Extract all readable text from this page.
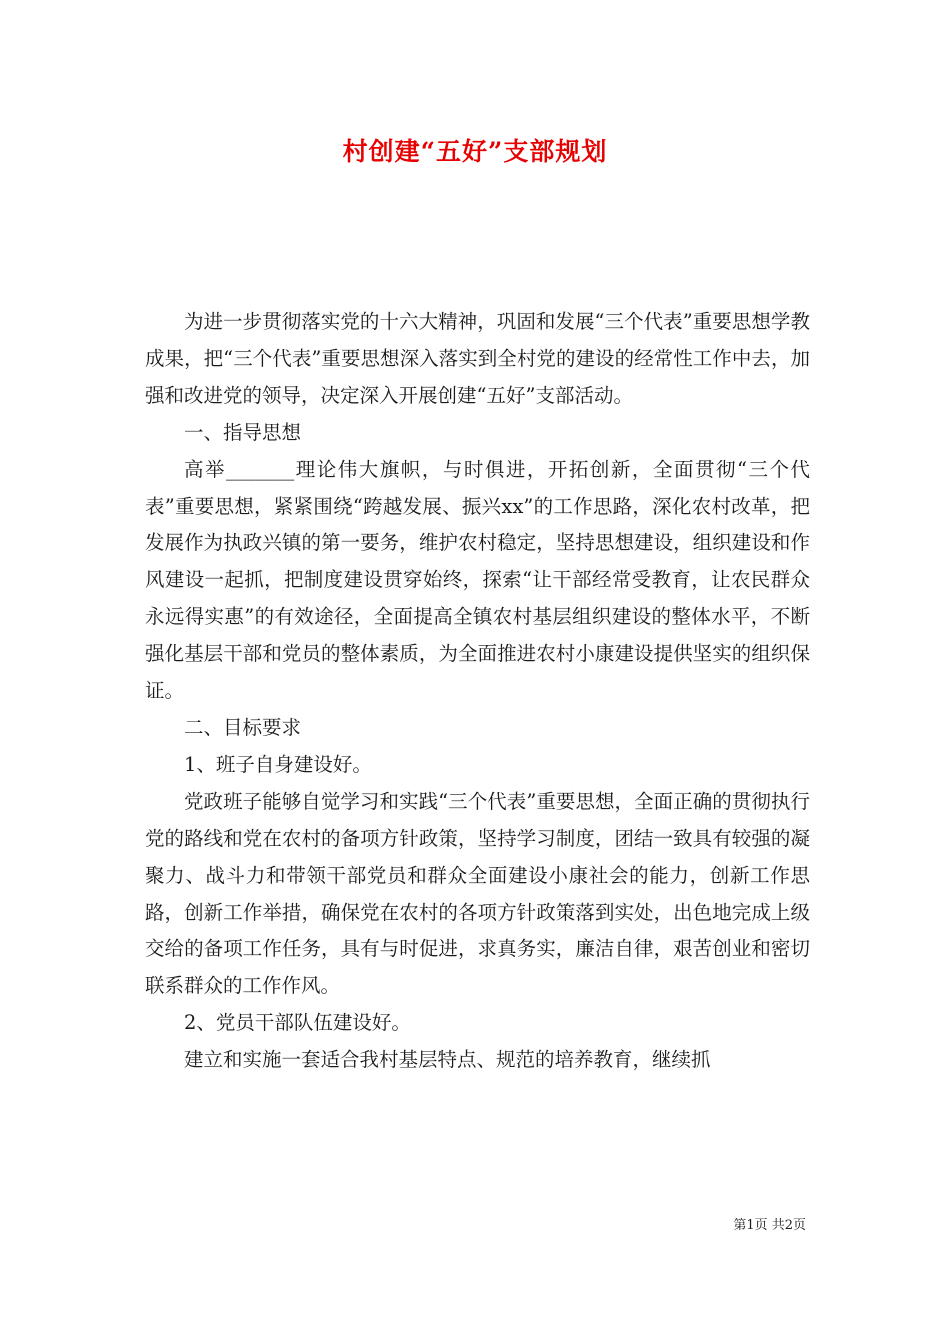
村创建“五好”支部规划

为进一步贯彻落实党的十六大精神，巩固和发展“三个代表”重要思想学教成果，把“三个代表”重要思想深入落实到全村党的建设的经常性工作中去，加强和改进党的领导，决定深入开展创建“五好”支部活动。

一、指导思想

高举_______理论伟大旗帜，与时俱进，开拓创新，全面贯彻“三个代表”重要思想，紧紧围绕“跨越发展、振兴xx”的工作思路，深化农村改革，把发展作为执政兴镇的第一要务，维护农村稳定，坚持思想建设，组织建设和作风建设一起抓，把制度建设贯穿始终，探索“让干部经常受教育，让农民群众永远得实惠”的有效途径，全面提高全镇农村基层组织建设的整体水平，不断强化基层干部和党员的整体素质，为全面推进农村小康建设提供坚实的组织保证。

二、目标要求

1、班子自身建设好。

党政班子能够自觉学习和实践“三个代表”重要思想，全面正确的贯彻执行党的路线和党在农村的备项方针政策，坚持学习制度，团结一致具有较强的凝聚力、战斗力和带领干部党员和群众全面建设小康社会的能力，创新工作思路，创新工作举措，确保党在农村的各项方针政策落到实处，出色地完成上级交给的备项工作任务，具有与时促进，求真务实，廉洁自律，艰苦创业和密切联系群众的工作作风。

2、党员干部队伍建设好。

建立和实施一套适合我村基层特点、规范的培养教育，继续抓

第1页 共2页
